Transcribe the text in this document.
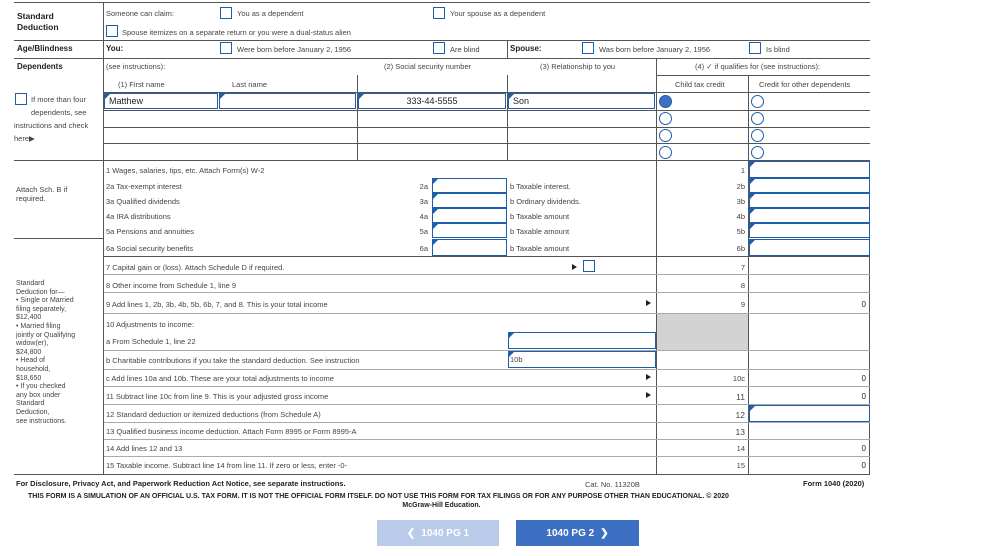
Standard Deduction
Someone can claim:	You as a dependent	Your spouse as a dependent
Spouse itemizes on a separate return or you were a dual-status alien
Age/Blindness	You:	Were born before January 2, 1956	Are blind	Spouse:	Was born before January 2, 1956	Is blind
Dependents	(see instructions):	(2) Social security number	(3) Relationship to you	(4) ✓ if qualifies for (see instructions):
(1) First name	Last name	Child tax credit	Credit for other dependents
If more than four
dependents, see
instructions and check
here▶
Matthew	333-44-5555	Son
1 Wages, salaries, tips, etc. Attach Form(s) W-2	1
Attach Sch. B if required.
2a Tax-exempt interest	2a	b Taxable interest.	2b
3a Qualified dividends	3a	b Ordinary dividends.	3b
4a IRA distributions	4a	b Taxable amount	4b
5a Pensions and annuities	5a	b Taxable amount	5b
6a Social security benefits	6a	b Taxable amount	6b
7 Capital gain or (loss). Attach Schedule D if required.	7
8 Other income from Schedule 1, line 9	8
9 Add lines 1, 2b, 3b, 4b, 5b, 6b, 7, and 8. This is your total income	9	0
10 Adjustments to income:
a From Schedule 1, line 22
b Charitable contributions if you take the standard deduction. See instruction	10b
c Add lines 10a and 10b. These are your total adjustments to income	10c	0
11 Subtract line 10c from line 9. This is your adjusted gross income	11	0
12 Standard deduction or itemized deductions (from Schedule A)	12
13 Qualified business income deduction. Attach Form 8995 or Form 8995-A	13
14 Add lines 12 and 13	14	0
15 Taxable income. Subtract line 14 from line 11. If zero or less, enter -0-	15	0
Standard
Deduction for—
• Single or Married
filing separately,
$12,400
• Married filing
jointly or Qualifying
widow(er),
$24,800
• Head of
household,
$18,650
• If you checked
any box under
Standard
Deduction,
see instructions.
For Disclosure, Privacy Act, and Paperwork Reduction Act Notice, see separate instructions.	Cat. No. 11320B	Form 1040 (2020)
THIS FORM IS A SIMULATION OF AN OFFICIAL U.S. TAX FORM. IT IS NOT THE OFFICIAL FORM ITSELF. DO NOT USE THIS FORM FOR TAX FILINGS OR FOR ANY PURPOSE OTHER THAN EDUCATIONAL. © 2020
McGraw-Hill Education.
❮ 1040 PG 1	1040 PG 2 ❯
